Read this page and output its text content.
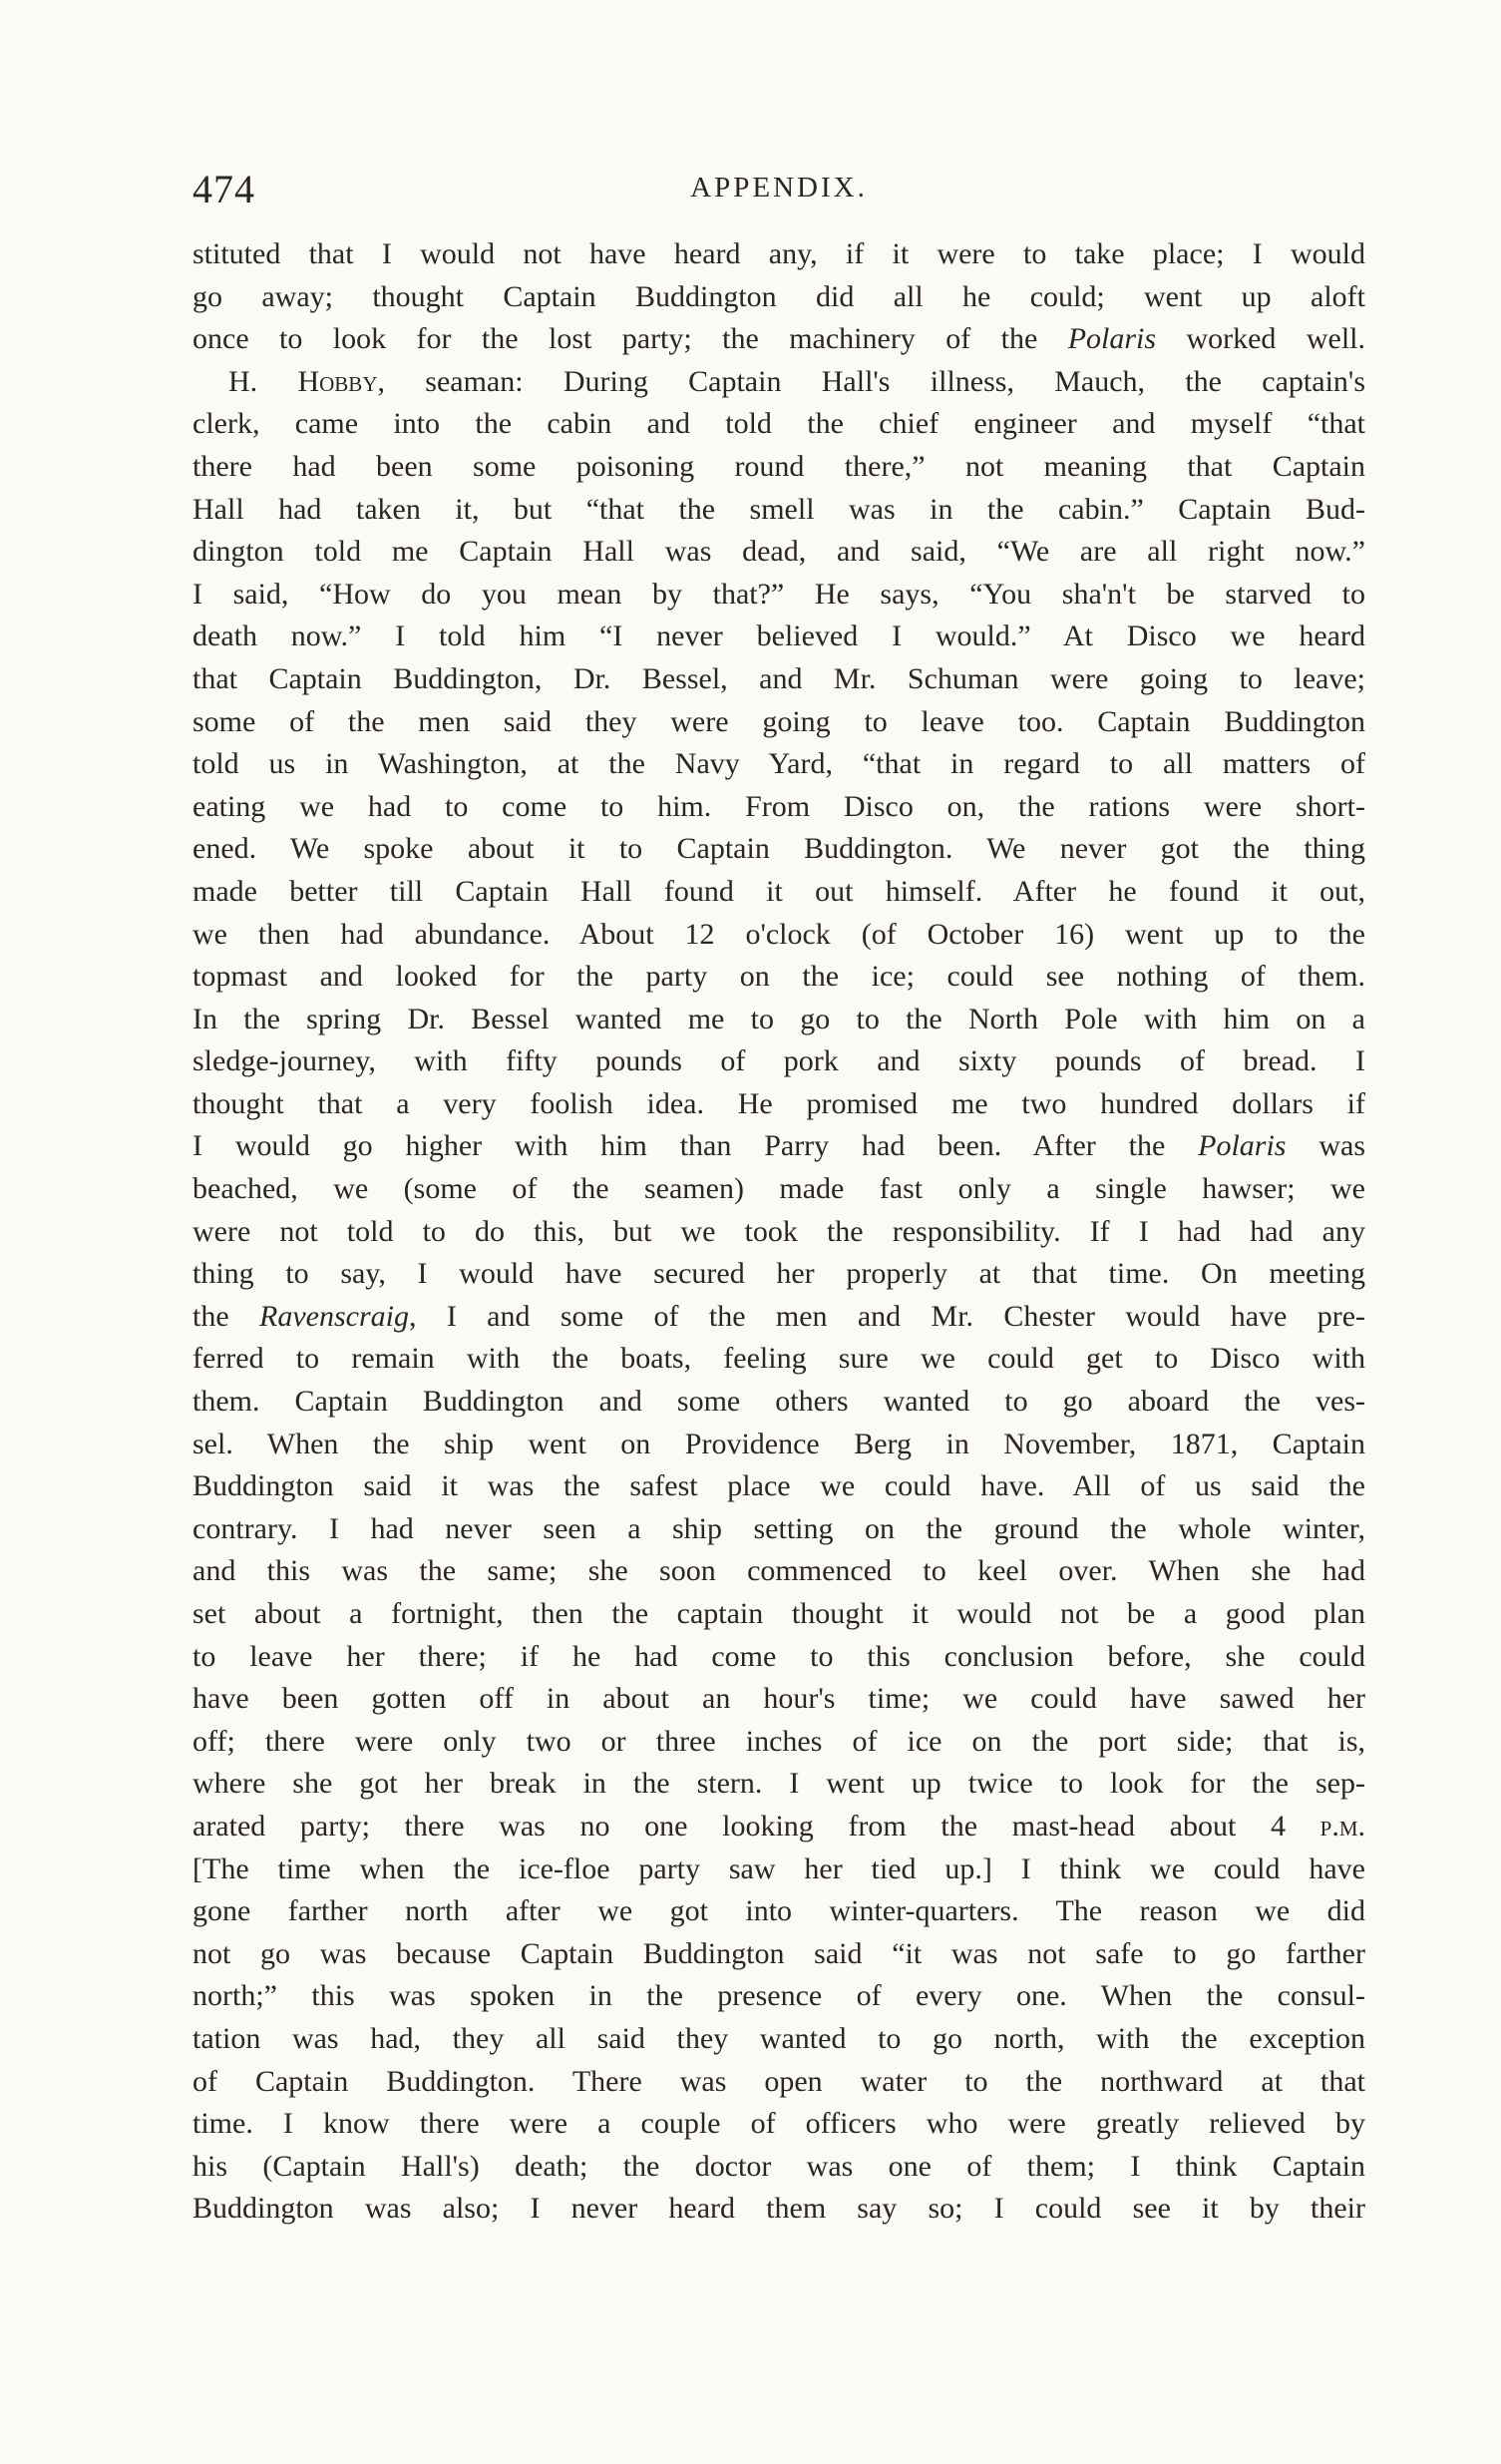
474	APPENDIX.
stituted that I would not have heard any, if it were to take place; I would
go away; thought Captain Buddington did all he could; went up aloft
once to look for the lost party; the machinery of the Polaris worked well.
H. Hobby, seaman: During Captain Hall's illness, Mauch, the captain's
clerk, came into the cabin and told the chief engineer and myself “that
there had been some poisoning round there,” not meaning that Captain
Hall had taken it, but “that the smell was in the cabin.” Captain Bud-
dington told me Captain Hall was dead, and said, “We are all right now.”
I said, “How do you mean by that?” He says, “You sha'n't be starved to
death now.” I told him “I never believed I would.” At Disco we heard
that Captain Buddington, Dr. Bessel, and Mr. Schuman were going to leave;
some of the men said they were going to leave too. Captain Buddington
told us in Washington, at the Navy Yard, “that in regard to all matters of
eating we had to come to him. From Disco on, the rations were short-
ened. We spoke about it to Captain Buddington. We never got the thing
made better till Captain Hall found it out himself. After he found it out,
we then had abundance. About 12 o'clock (of October 16) went up to the
topmast and looked for the party on the ice; could see nothing of them.
In the spring Dr. Bessel wanted me to go to the North Pole with him on a
sledge-journey, with fifty pounds of pork and sixty pounds of bread. I
thought that a very foolish idea. He promised me two hundred dollars if
I would go higher with him than Parry had been. After the Polaris was
beached, we (some of the seamen) made fast only a single hawser; we
were not told to do this, but we took the responsibility. If I had had any
thing to say, I would have secured her properly at that time. On meeting
the Ravenscraig, I and some of the men and Mr. Chester would have pre-
ferred to remain with the boats, feeling sure we could get to Disco with
them. Captain Buddington and some others wanted to go aboard the ves-
sel. When the ship went on Providence Berg in November, 1871, Captain
Buddington said it was the safest place we could have. All of us said the
contrary. I had never seen a ship setting on the ground the whole winter,
and this was the same; she soon commenced to keel over. When she had
set about a fortnight, then the captain thought it would not be a good plan
to leave her there; if he had come to this conclusion before, she could
have been gotten off in about an hour's time; we could have sawed her
off; there were only two or three inches of ice on the port side; that is,
where she got her break in the stern. I went up twice to look for the sep-
arated party; there was no one looking from the mast-head about 4 p.m.
[The time when the ice-floe party saw her tied up.] I think we could have
gone farther north after we got into winter-quarters. The reason we did
not go was because Captain Buddington said “it was not safe to go farther
north;” this was spoken in the presence of every one. When the consul-
tation was had, they all said they wanted to go north, with the exception
of Captain Buddington. There was open water to the northward at that
time. I know there were a couple of officers who were greatly relieved by
his (Captain Hall's) death; the doctor was one of them; I think Captain
Buddington was also; I never heard them say so; I could see it by their
